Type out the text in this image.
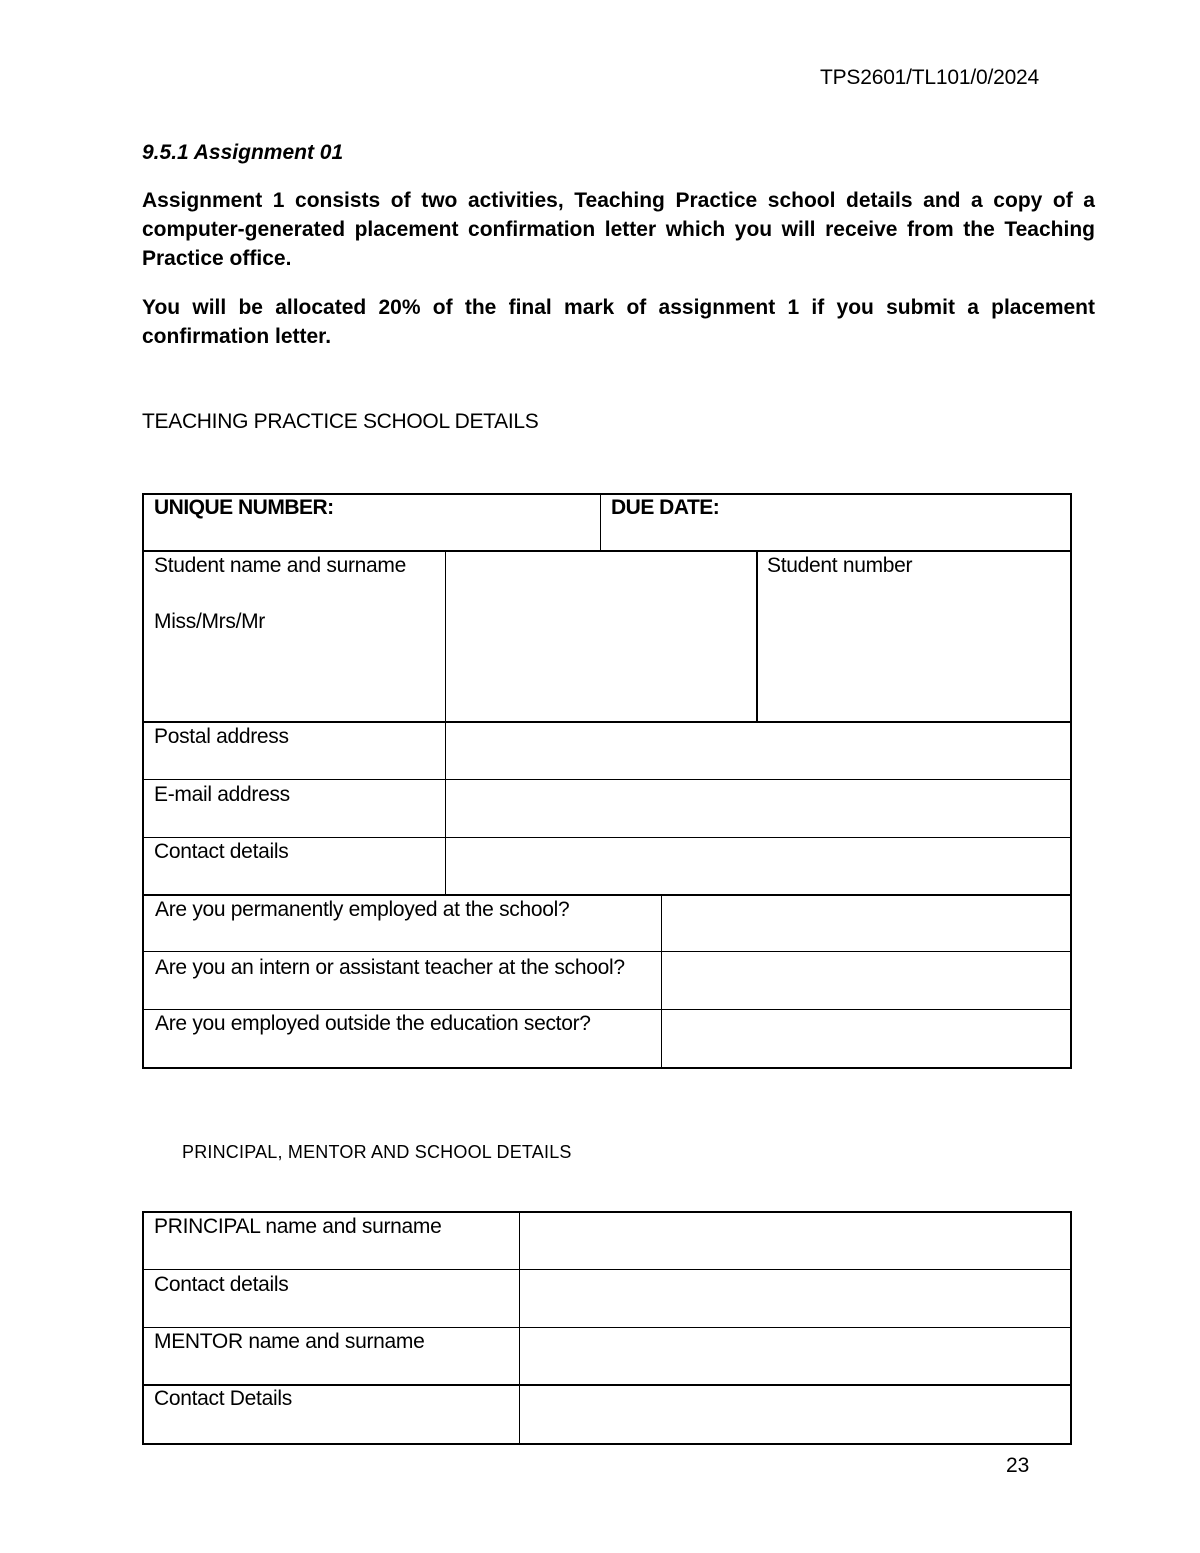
TPS2601/TL101/0/2024
9.5.1 Assignment 01

Assignment 1 consists of two activities, Teaching Practice school details and a copy of a computer-generated placement confirmation letter which you will receive from the Teaching Practice office.

You will be allocated 20% of the final mark of assignment 1 if you submit a placement confirmation letter.

TEACHING PRACTICE SCHOOL DETAILS
UNIQUE NUMBER:	DUE DATE:
Student name and surname
Miss/Mrs/Mr
Student number
Postal address
E-mail address
Contact details
Are you permanently employed at the school?
Are you an intern or assistant teacher at the school?
Are you employed outside the education sector?
PRINCIPAL, MENTOR AND SCHOOL DETAILS
PRINCIPAL name and surname
Contact details
MENTOR name and surname
Contact Details
23
